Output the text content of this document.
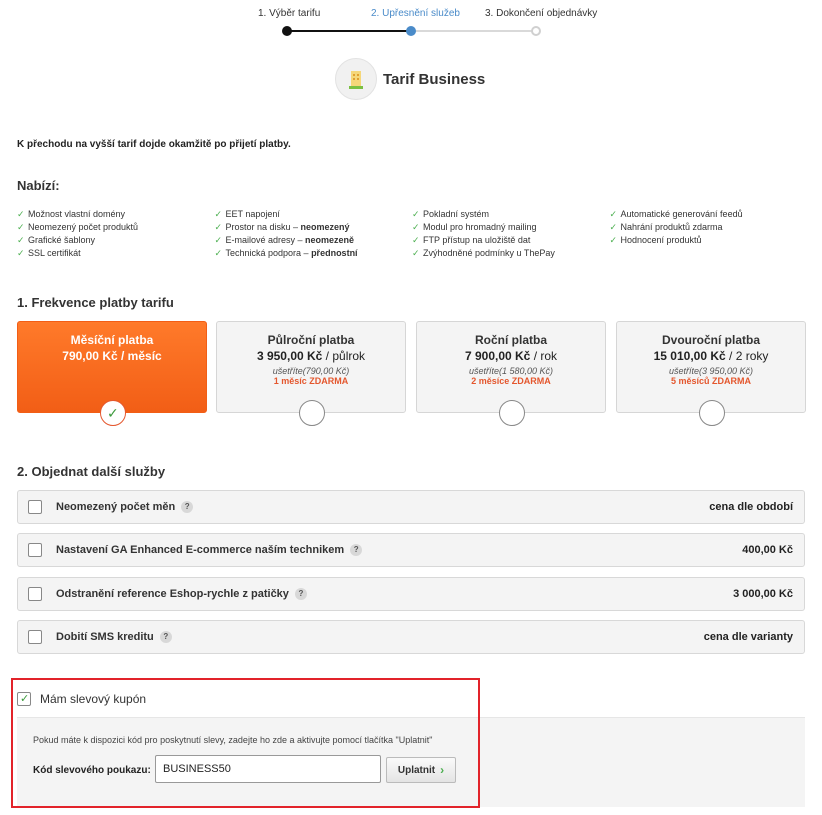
1. Výběr tarifu	2. Upřesnění služeb	3. Dokončení objednávky
Tarif Business
K přechodu na vyšší tarif dojde okamžitě po přijetí platby.
Nabízí:
✓ Možnost vlastní domény
✓ Neomezený počet produktů
✓ Grafické šablony
✓ SSL certifikát
✓ EET napojení
✓ Prostor na disku – neomezený
✓ E-mailové adresy – neomezeně
✓ Technická podpora – přednostní
✓ Pokladní systém
✓ Modul pro hromadný mailing
✓ FTP přístup na uložiště dat
✓ Zvýhodněné podmínky u ThePay
✓ Automatické generování feedů
✓ Nahrání produktů zdarma
✓ Hodnocení produktů
1. Frekvence platby tarifu
Měsíční platba
790,00 Kč / měsíc
✓
Půlroční platba
3 950,00 Kč / půlrok
ušetříte(790,00 Kč)
1 měsíc ZDARMA
Roční platba
7 900,00 Kč / rok
ušetříte(1 580,00 Kč)
2 měsíce ZDARMA
Dvouroční platba
15 010,00 Kč / 2 roky
ušetříte(3 950,00 Kč)
5 měsíců ZDARMA
2. Objednat další služby
Neomezený počet měn ?	cena dle období
Nastavení GA Enhanced E-commerce naším technikem ?	400,00 Kč
Odstranění reference Eshop-rychle z patičky ?	3 000,00 Kč
Dobití SMS kreditu ?	cena dle varianty
✓ Mám slevový kupón
Pokud máte k dispozici kód pro poskytnutí slevy, zadejte ho zde a aktivujte pomocí tlačítka "Uplatnit"
Kód slevového poukazu:
BUSINESS50	Uplatnit ›
